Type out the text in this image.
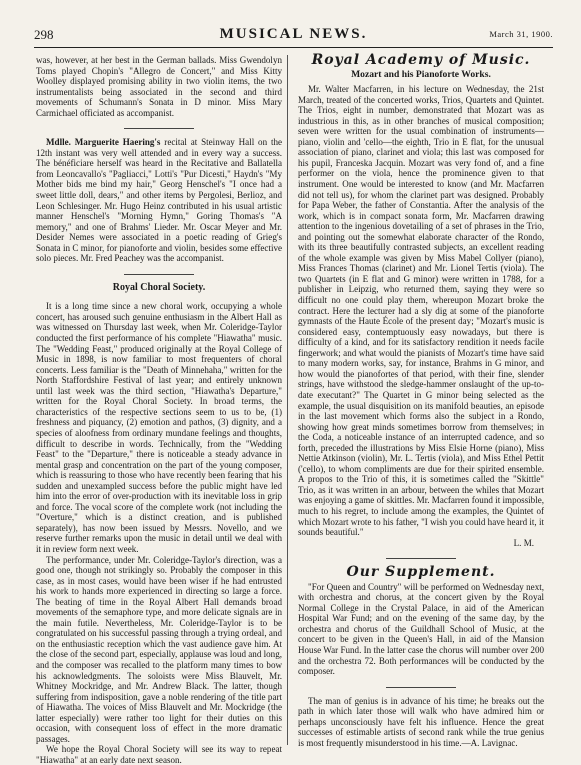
298	MUSICAL NEWS.	March 31, 1900.

was, however, at her best in the German ballads. Miss Gwendolyn Toms played Chopin's "Allegro de Concert," and Miss Kitty Woolley displayed promising ability in two violin items, the two instrumentalists being associated in the second and third movements of Schumann's Sonata in D minor. Miss Mary Carmichael officiated as accompanist.

Mdlle. Marguerite Haering's recital at Steinway Hall on the 12th instant was very well attended and in every way a success. The bénéficiare herself was heard in the Recitative and Ballatella from Leoncavallo's "Pagliacci," Lotti's "Pur Dicesti," Haydn's "My Mother bids me bind my hair," Georg Henschel's "I once had a sweet little doll, dears," and other items by Pergolesi, Berlioz, and Leon Schlesinger. Mr. Hugo Heinz contributed in his usual artistic manner Henschel's "Morning Hymn," Goring Thomas's "A memory," and one of Brahms' Lieder. Mr. Oscar Meyer and Mr. Desider Nemes were associated in a poetic reading of Grieg's Sonata in C minor, for pianoforte and violin, besides some effective solo pieces. Mr. Fred Peachey was the accompanist.

Royal Choral Society.

It is a long time since a new choral work, occupying a whole concert, has aroused such genuine enthusiasm in the Albert Hall as was witnessed on Thursday last week, when Mr. Coleridge-Taylor conducted the first performance of his complete "Hiawatha" music. The "Wedding Feast," produced originally at the Royal College of Music in 1898, is now familiar to most frequenters of choral concerts. Less familiar is the "Death of Minnehaha," written for the North Staffordshire Festival of last year; and entirely unknown until last week was the third section, "Hiawatha's Departure," written for the Royal Choral Society. In broad terms, the characteristics of the respective sections seem to us to be, (1) freshness and piquancy, (2) emotion and pathos, (3) dignity, and a species of aloofness from ordinary mundane feelings and thoughts, difficult to describe in words. Technically, from the "Wedding Feast" to the "Departure," there is noticeable a steady advance in mental grasp and concentration on the part of the young composer, which is reassuring to those who have recently been fearing that his sudden and unexampled success before the public might have led him into the error of over-production with its inevitable loss in grip and force. The vocal score of the complete work (not including the "Overture," which is a distinct creation, and is published separately), has now been issued by Messrs. Novello, and we reserve further remarks upon the music in detail until we deal with it in review form next week.

The performance, under Mr. Coleridge-Taylor's direction, was a good one, though not strikingly so. Probably the composer in this case, as in most cases, would have been wiser if he had entrusted his work to hands more experienced in directing so large a force. The beating of time in the Royal Albert Hall demands broad movements of the semaphore type, and more delicate signals are in the main futile. Nevertheless, Mr. Coleridge-Taylor is to be congratulated on his successful passing through a trying ordeal, and on the enthusiastic reception which the vast audience gave him. At the close of the second part, especially, applause was loud and long, and the composer was recalled to the platform many times to bow his acknowledgments. The soloists were Miss Blauvelt, Mr. Whitney Mockridge, and Mr. Andrew Black. The latter, though suffering from indisposition, gave a noble rendering of the title part of Hiawatha. The voices of Miss Blauvelt and Mr. Mockridge (the latter especially) were rather too light for their duties on this occasion, with consequent loss of effect in the more dramatic passages.

We hope the Royal Choral Society will see its way to repeat "Hiawatha" at an early date next season.

Royal Academy of Music.
Mozart and his Pianoforte Works.

Mr. Walter Macfarren, in his lecture on Wednesday, the 21st March, treated of the concerted works, Trios, Quartets and Quintet. The Trios, eight in number, demonstrated that Mozart was as industrious in this, as in other branches of musical composition; seven were written for the usual combination of instruments—piano, violin and 'cello—the eighth, Trio in E flat, for the unusual association of piano, clarinet and viola; this last was composed for his pupil, Franceska Jacquin. Mozart was very fond of, and a fine performer on the viola, hence the prominence given to that instrument. One would be interested to know (and Mr. Macfarren did not tell us), for whom the clarinet part was designed. Probably for Papa Weber, the father of Constantia. After the analysis of the work, which is in compact sonata form, Mr. Macfarren drawing attention to the ingenious dovetailing of a set of phrases in the Trio, and pointing out the somewhat elaborate character of the Rondo, with its three beautifully contrasted subjects, an excellent reading of the whole example was given by Miss Mabel Collyer (piano), Miss Frances Thomas (clarinet) and Mr. Lionel Tertis (viola). The two Quartets (in E flat and G minor) were written in 1788, for a publisher in Leipzig, who returned them, saying they were so difficult no one could play them, whereupon Mozart broke the contract. Here the lecturer had a sly dig at some of the pianoforte gymnasts of the Haute École of the present day; "Mozart's music is considered easy, contemptuously easy nowadays, but there is difficulty of a kind, and for its satisfactory rendition it needs facile fingerwork; and what would the pianists of Mozart's time have said to many modern works, say, for instance, Brahms in G minor, and how would the pianofortes of that period, with their fine, slender strings, have withstood the sledge-hammer onslaught of the up-to-date executant?" The Quartet in G minor being selected as the example, the usual disquisition on its manifold beauties, an episode in the last movement which forms also the subject in a Rondo, showing how great minds sometimes borrow from themselves; in the Coda, a noticeable instance of an interrupted cadence, and so forth, preceded the illustrations by Miss Elsie Horne (piano), Miss Nettie Atkinson (violin), Mr. L. Tertis (viola), and Miss Ethel Pettit ('cello), to whom compliments are due for their spirited ensemble. A propos to the Trio of this, it is sometimes called the "Skittle" Trio, as it was written in an arbour, between the whiles that Mozart was enjoying a game of skittles. Mr. Macfarren found it impossible, much to his regret, to include among the examples, the Quintet of which Mozart wrote to his father, "I wish you could have heard it, it sounds beautiful."

L. M.
Our Supplement.

"For Queen and Country" will be performed on Wednesday next, with orchestra and chorus, at the concert given by the Royal Normal College in the Crystal Palace, in aid of the American Hospital War Fund; and on the evening of the same day, by the orchestra and chorus of the Guildhall School of Music, at the concert to be given in the Queen's Hall, in aid of the Mansion House War Fund. In the latter case the chorus will number over 200 and the orchestra 72. Both performances will be conducted by the composer.

The man of genius is in advance of his time; he breaks out the path in which later those will walk who have admired him or perhaps unconsciously have felt his influence. Hence the great successes of estimable artists of second rank while the true genius is most frequently misunderstood in his time.—A. Lavignac.
